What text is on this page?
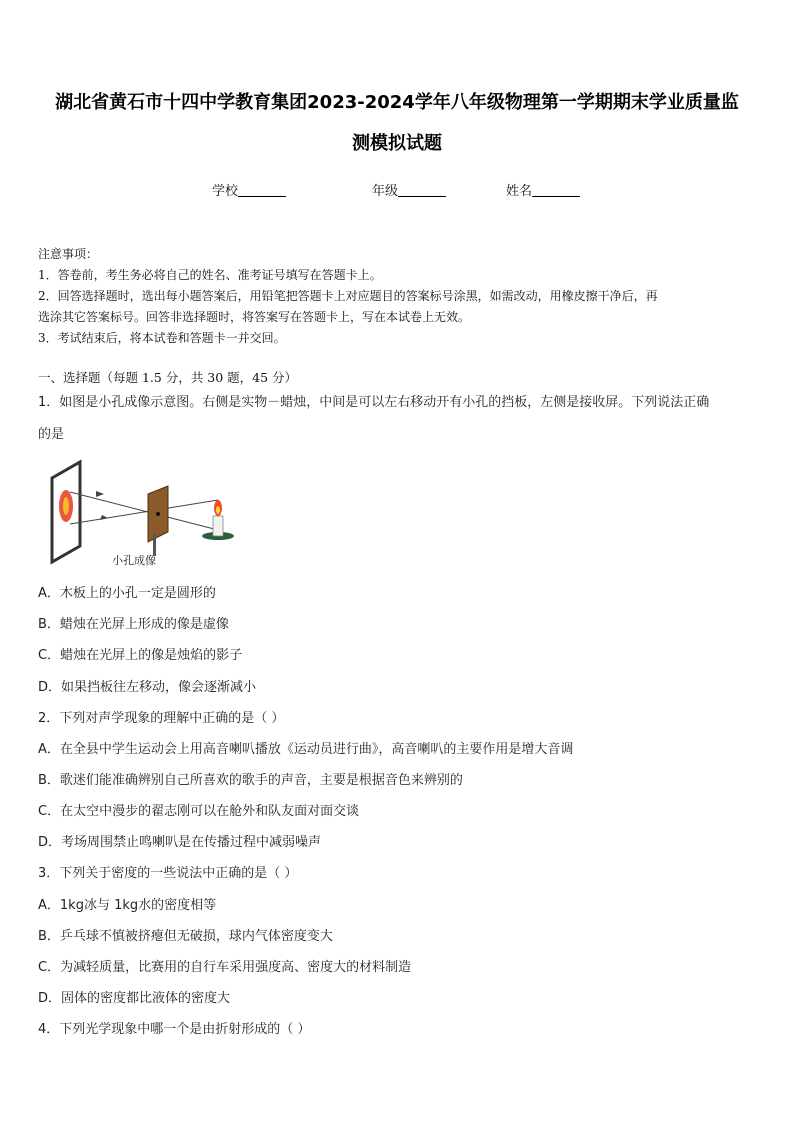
湖北省黄石市十四中学教育集团2023-2024学年八年级物理第一学期期末学业质量监
测模拟试题
学校	年级	姓名

注意事项：

1．答卷前，考生务必将自己的姓名、准考证号填写在答题卡上。

2．回答选择题时，选出每小题答案后，用铅笔把答题卡上对应题目的答案标号涂黑，如需改动，用橡皮擦干净后，再

选涂其它答案标号。回答非选择题时，将答案写在答题卡上，写在本试卷上无效。

3．考试结束后，将本试卷和答题卡一并交回。

一、选择题（每题 1.5 分，共 30 题，45 分）
1．如图是小孔成像示意图。右侧是实物－蜡烛，中间是可以左右移动开有小孔的挡板，左侧是接收屏。下列说法正确
的是
小孔成像
A．木板上的小孔一定是圆形的
B．蜡烛在光屏上形成的像是虚像
C．蜡烛在光屏上的像是烛焰的影子
D．如果挡板往左移动，像会逐渐减小
2．下列对声学现象的理解中正确的是（ ）
A．在全县中学生运动会上用高音喇叭播放《运动员进行曲》，高音喇叭的主要作用是增大音调
B．歌迷们能准确辨别自己所喜欢的歌手的声音，主要是根据音色来辨别的
C．在太空中漫步的翟志刚可以在舱外和队友面对面交谈
D．考场周围禁止鸣喇叭是在传播过程中减弱噪声
3．下列关于密度的一些说法中正确的是（ ）
A．1kg冰与 1kg水的密度相等
B．乒乓球不慎被挤瘪但无破损，球内气体密度变大
C．为减轻质量，比赛用的自行车采用强度高、密度大的材料制造
D．固体的密度都比液体的密度大
4．下列光学现象中哪一个是由折射形成的（ ）
